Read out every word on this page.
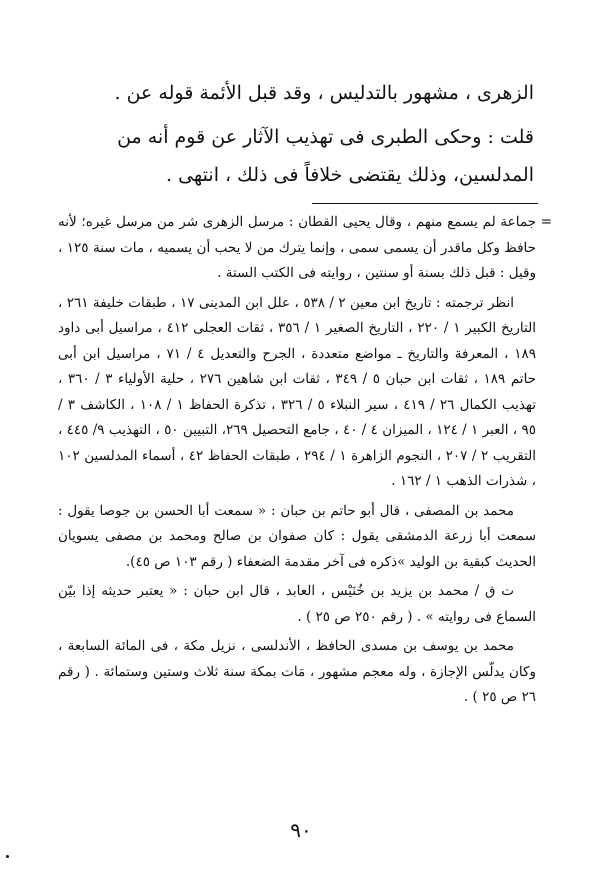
الزهرى ، مشهور بالتدليس ، وقد قبل الأئمة قوله عن .

قلت : وحكى الطبرى فى تهذيب الآثار عن قوم أنه من المدلسين، وذلك يقتضى خلافاً فى ذلك ، انتهى .

=
جماعة لم يسمع منهم ، وقال يحيى القطان : مرسل الزهرى شر من مرسل غيره؛ لأنه حافظ وكل ماقدر أن يسمى سمى ، وإنما يترك من لا يحب أن يسميه ، مات سنة ١٢٥ ، وقيل : قبل ذلك بسنة أو سنتين ، روايته فى الكتب الستة .

انظر ترجمته : تاريخ ابن معين ٢ / ٥٣٨ ، علل ابن المدينى ١٧ ، طبقات خليفة ٢٦١ ، التاريخ الكبير ١ / ٢٢٠ ، التاريخ الصغير ١ / ٣٥٦ ، ثقات العجلى ٤١٢ ، مراسيل أبى داود ١٨٩ ، المعرفة والتاريخ ـ مواضع متعددة ، الجرح والتعديل ٤ / ٧١ ، مراسيل ابن أبى حاتم ١٨٩ ، ثقات ابن حبان ٥ / ٣٤٩ ، ثقات ابن شاهين ٢٧٦ ، حلية الأولياء ٣ / ٣٦٠ ، تهذيب الكمال ٢٦ / ٤١٩ ، سير النبلاء ٥ / ٣٢٦ ، تذكرة الحفاظ ١ / ١٠٨ ، الكاشف ٣ / ٩٥ ، العبر ١ / ١٢٤ ، الميزان ٤ / ٤٠ ، جامع التحصيل ٢٦٩، التبيين ٥٠ ، التهذيب ٩/ ٤٤٥ ، التقريب ٢ / ٢٠٧ ، النجوم الزاهرة ١ / ٢٩٤ ، طبقات الحفاظ ٤٢ ، أسماء المدلسين ١٠٢ ، شذرات الذهب ١ / ١٦٢ .

محمد بن المصفى ، قال أبو حاتم بن حبان : « سمعت أبا الحسن بن جوصا يقول : سمعت أبا زرعة الدمشقى يقول : كان صفوان بن صالح ومحمد بن مصفى يسويان الحديث كبقية بن الوليد »ذكره فى آخر مقدمة الضعفاء ( رقم ١٠٣ ص ٤٥).

ت ق / محمد بن يزيد بن خُنَيْس ، العابد ، قال ابن حبان : « يعتبر حديثه إذا بيّن السماع فى روايته » . ( رقم ٢٥٠ ص ٢٥ ) .

محمد بن يوسف بن مسدى الحافظ ، الأندلسى ، نزيل مكة ، فى المائة السابعة ، وكان يدلّس الإجازة ، وله معجم مشهور ، مَات بمكة سنة ثلاث وستين وستمائة . ( رقم ٢٦ ص ٢٥ ) .

٩٠
